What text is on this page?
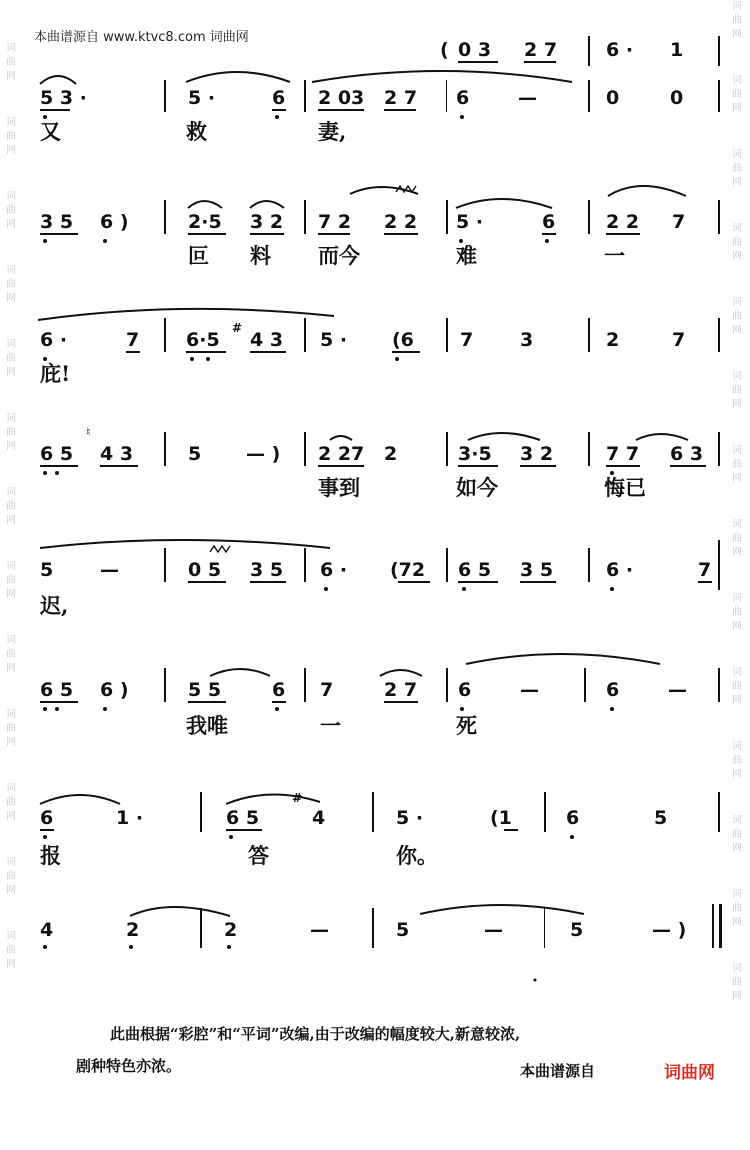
本曲谱源自 www.ktvc8.com 词曲网
词
曲
网
词
曲
网
词
曲
网
词
曲
网
词
曲
网
词
曲
网
词
曲
网
词
曲
网
词
曲
网
词
曲
网
词
曲
网
词
曲
网
词
曲
网
词
曲
网
词
曲
网
词
曲
网
词
曲
网
词
曲
网
词
曲
网
词
曲
网
词
曲
网
词
曲
网
词
曲
网
词
曲
网
词
曲
网
词
曲
网
词
曲
网
( 0 3 2 7	6 · 1
5 3 ·	5 ·	6 2 03 2 7 6	—	0	0
又	救	妻,
3 5 6 )	2·5 3 2 7 2 2 2 5 ·	6	2 2 7
叵 料 而今	难	一
6 ·	7 6·5 4 3 5 · (6 7 3	2	7
庇!
6 5 4 3	5 — ) 2 27 2	3·5 3 2	7 7 6 3
事到	如今	悔已
5 —	0 5 3 5 6 · (72 6 5 3 5	6 ·	7
迟,
6 5 6 )	5 5	6 7	2 7 6	—	6	—
我唯	一	死
6	1 ·	6 5	4	5 ·	(1	6	5
报	答	你。
4	2	2	—	5	—	5	— )
#
#
♮
此曲根据“彩腔”和“平词”改编,由于改编的幅度较大,新意较浓,
剧种特色亦浓。	本曲谱源自	词曲网
